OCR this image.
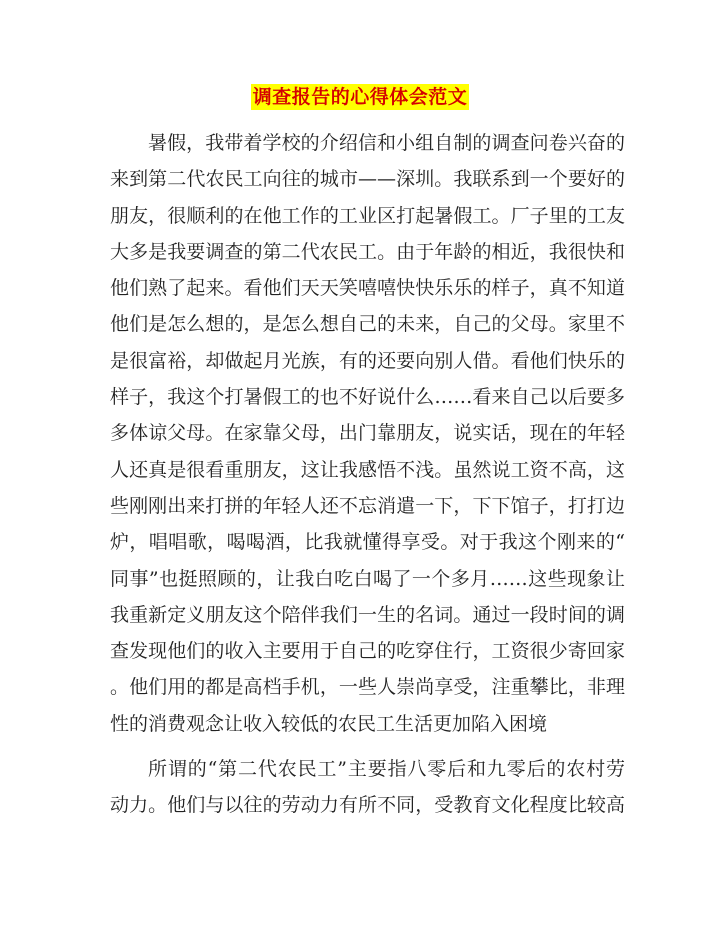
调查报告的心得体会范文
暑假，我带着学校的介绍信和小组自制的调查问卷兴奋的
来到第二代农民工向往的城市——深圳。我联系到一个要好的
朋友，很顺利的在他工作的工业区打起暑假工。厂子里的工友
大多是我要调查的第二代农民工。由于年龄的相近，我很快和
他们熟了起来。看他们天天笑嘻嘻快快乐乐的样子，真不知道
他们是怎么想的，是怎么想自己的未来，自己的父母。家里不
是很富裕，却做起月光族，有的还要向别人借。看他们快乐的
样子，我这个打暑假工的也不好说什么……看来自己以后要多
多体谅父母。在家靠父母，出门靠朋友，说实话，现在的年轻
人还真是很看重朋友，这让我感悟不浅。虽然说工资不高，这
些刚刚出来打拼的年轻人还不忘消遣一下，下下馆子，打打边
炉，唱唱歌，喝喝酒，比我就懂得享受。对于我这个刚来的“
同事”也挺照顾的，让我白吃白喝了一个多月……这些现象让
我重新定义朋友这个陪伴我们一生的名词。通过一段时间的调
查发现他们的收入主要用于自己的吃穿住行，工资很少寄回家
。他们用的都是高档手机，一些人崇尚享受，注重攀比，非理
性的消费观念让收入较低的农民工生活更加陷入困境
所谓的“第二代农民工”主要指八零后和九零后的农村劳
动力。他们与以往的劳动力有所不同，受教育文化程度比较高
